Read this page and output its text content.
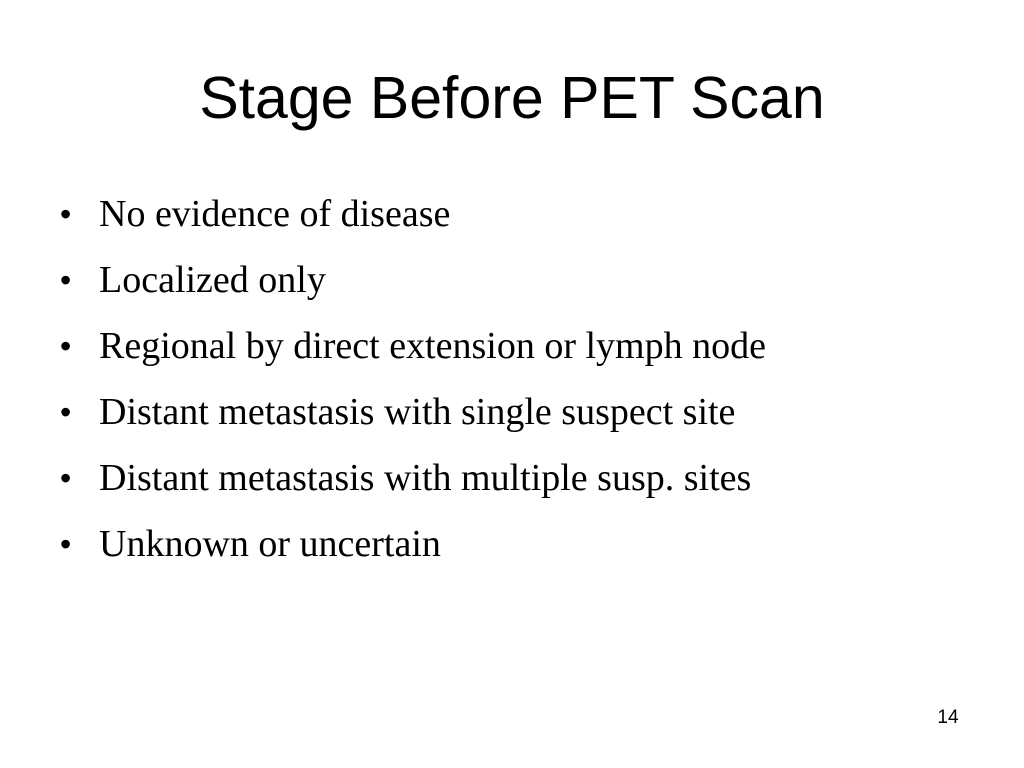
Stage Before PET Scan
• No evidence of disease
• Localized only
• Regional by direct extension or lymph node
• Distant metastasis with single suspect site
• Distant metastasis with multiple susp. sites
• Unknown or uncertain
14
